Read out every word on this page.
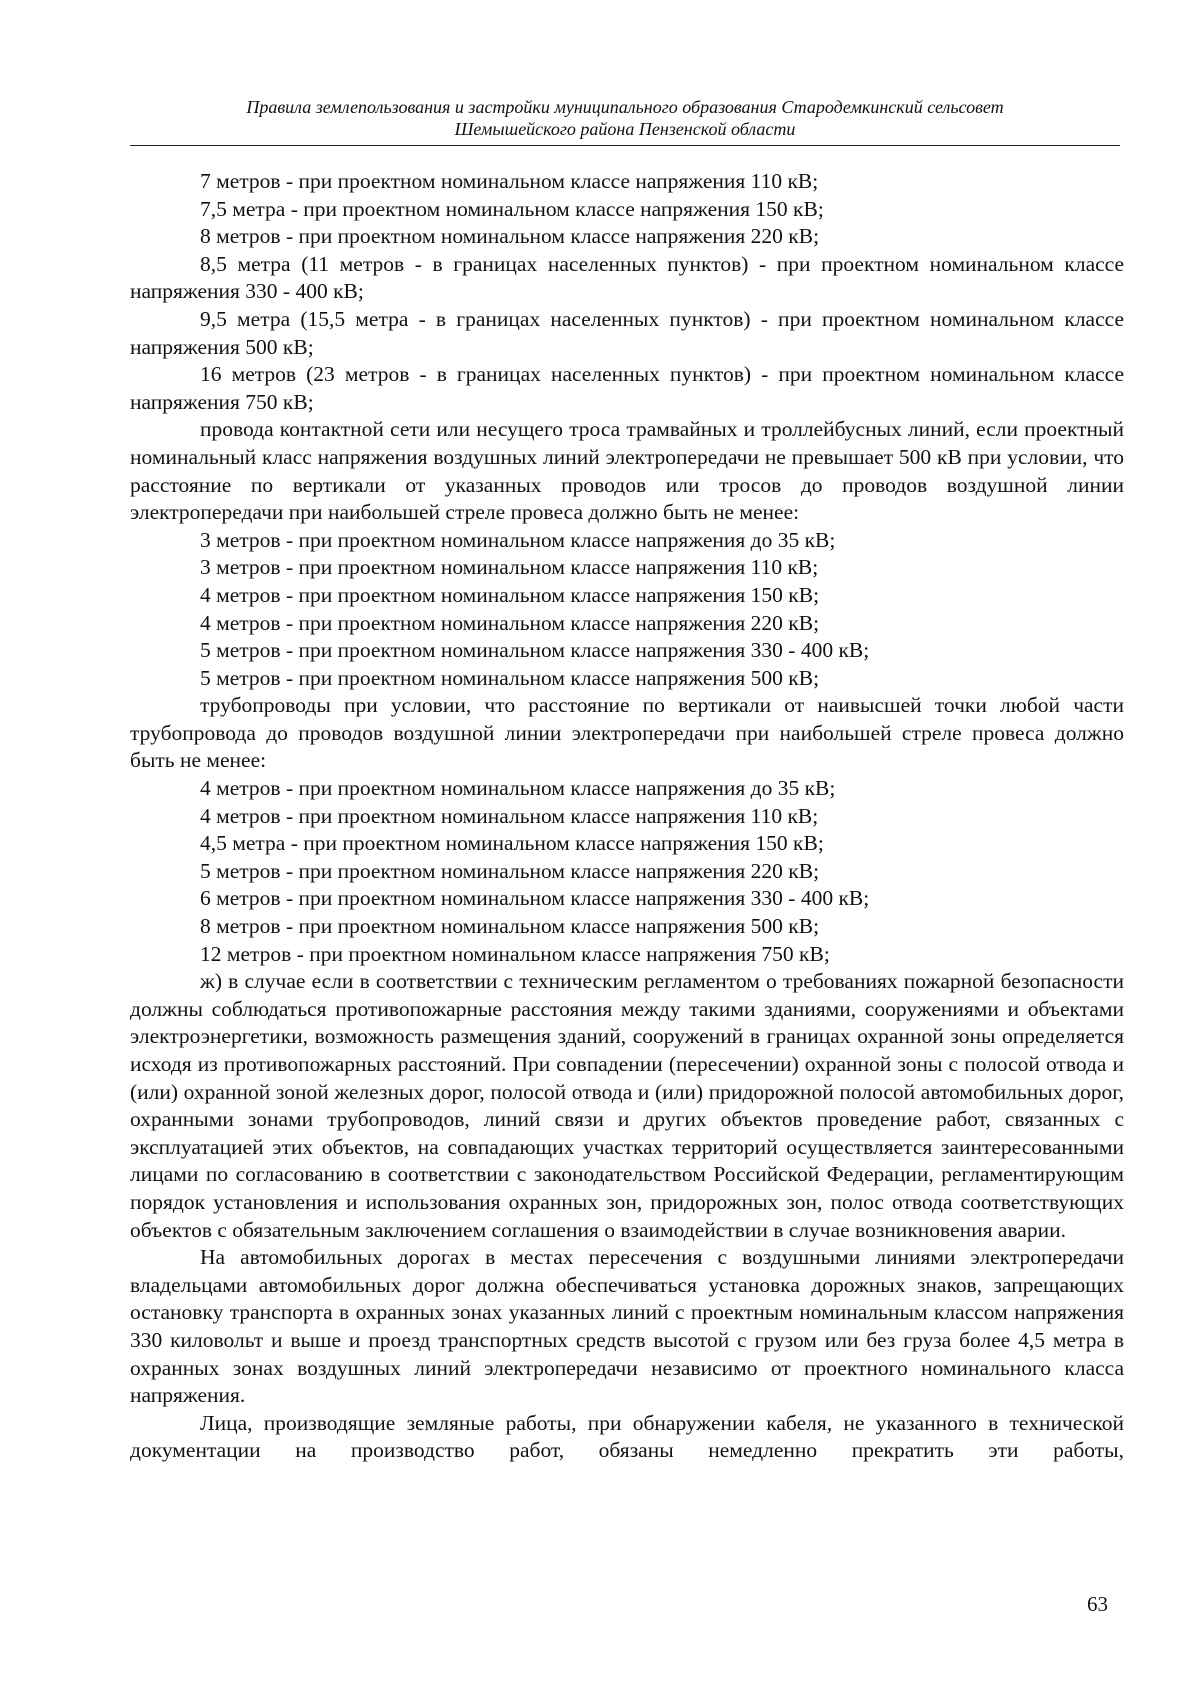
Правила землепользования и застройки муниципального образования Стародемкинский сельсовет
Шемышейского района Пензенской области

7 метров - при проектном номинальном классе напряжения 110 кВ;

7,5 метра - при проектном номинальном классе напряжения 150 кВ;

8 метров - при проектном номинальном классе напряжения 220 кВ;

8,5 метра (11 метров - в границах населенных пунктов) - при проектном номинальном классе напряжения 330 - 400 кВ;

9,5 метра (15,5 метра - в границах населенных пунктов) - при проектном номинальном классе напряжения 500 кВ;

16 метров (23 метров - в границах населенных пунктов) - при проектном номинальном классе напряжения 750 кВ;

провода контактной сети или несущего троса трамвайных и троллейбусных линий, если проектный номинальный класс напряжения воздушных линий электропередачи не превышает 500 кВ при условии, что расстояние по вертикали от указанных проводов или тросов до проводов воздушной линии электропередачи при наибольшей стреле провеса должно быть не менее:

3 метров - при проектном номинальном классе напряжения до 35 кВ;

3 метров - при проектном номинальном классе напряжения 110 кВ;

4 метров - при проектном номинальном классе напряжения 150 кВ;

4 метров - при проектном номинальном классе напряжения 220 кВ;

5 метров - при проектном номинальном классе напряжения 330 - 400 кВ;

5 метров - при проектном номинальном классе напряжения 500 кВ;

трубопроводы при условии, что расстояние по вертикали от наивысшей точки любой части трубопровода до проводов воздушной линии электропередачи при наибольшей стреле провеса должно быть не менее:

4 метров - при проектном номинальном классе напряжения до 35 кВ;

4 метров - при проектном номинальном классе напряжения 110 кВ;

4,5 метра - при проектном номинальном классе напряжения 150 кВ;

5 метров - при проектном номинальном классе напряжения 220 кВ;

6 метров - при проектном номинальном классе напряжения 330 - 400 кВ;

8 метров - при проектном номинальном классе напряжения 500 кВ;

12 метров - при проектном номинальном классе напряжения 750 кВ;

ж) в случае если в соответствии с техническим регламентом о требованиях пожарной безопасности должны соблюдаться противопожарные расстояния между такими зданиями, сооружениями и объектами электроэнергетики, возможность размещения зданий, сооружений в границах охранной зоны определяется исходя из противопожарных расстояний. При совпадении (пересечении) охранной зоны с полосой отвода и (или) охранной зоной железных дорог, полосой отвода и (или) придорожной полосой автомобильных дорог, охранными зонами трубопроводов, линий связи и других объектов проведение работ, связанных с эксплуатацией этих объектов, на совпадающих участках территорий осуществляется заинтересованными лицами по согласованию в соответствии с законодательством Российской Федерации, регламентирующим порядок установления и использования охранных зон, придорожных зон, полос отвода соответствующих объектов с обязательным заключением соглашения о взаимодействии в случае возникновения аварии.

На автомобильных дорогах в местах пересечения с воздушными линиями электропередачи владельцами автомобильных дорог должна обеспечиваться установка дорожных знаков, запрещающих остановку транспорта в охранных зонах указанных линий с проектным номинальным классом напряжения 330 киловольт и выше и проезд транспортных средств высотой с грузом или без груза более 4,5 метра в охранных зонах воздушных линий электропередачи независимо от проектного номинального класса напряжения.

Лица, производящие земляные работы, при обнаружении кабеля, не указанного в технической документации на производство работ, обязаны немедленно прекратить эти работы,

63
